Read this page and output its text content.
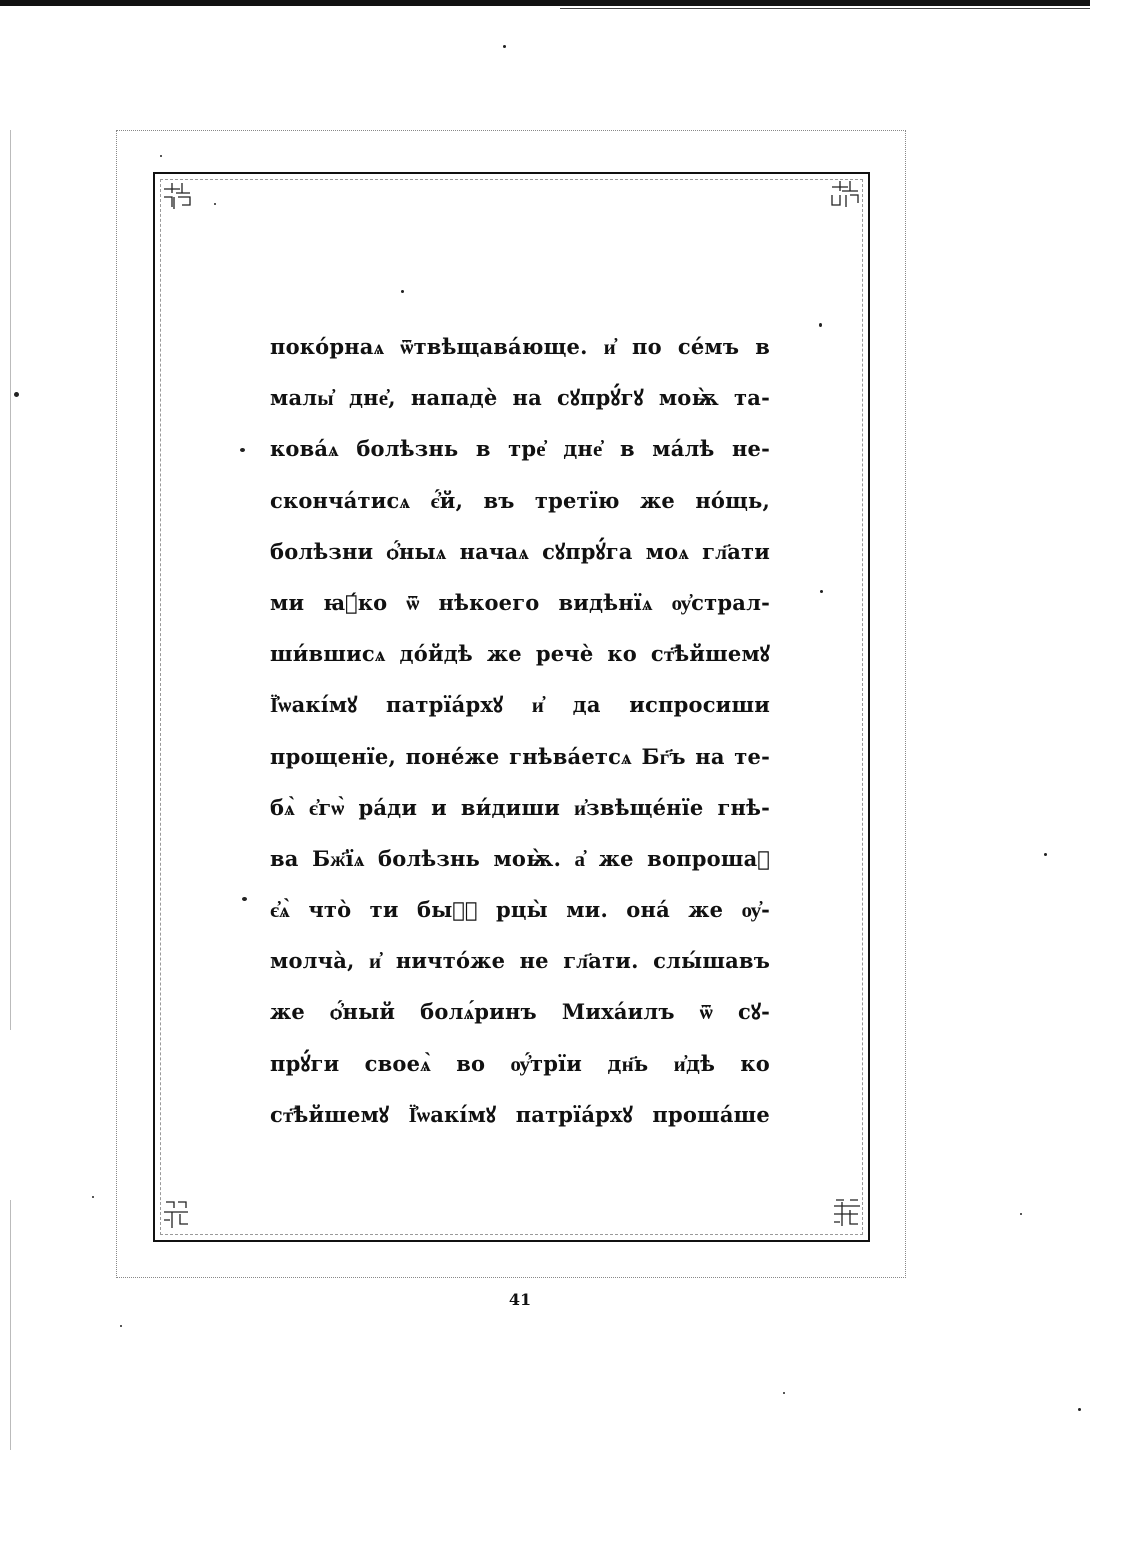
покóрнаѧ ѿтвѣщавáюще. и҆ по се́мъ в
малы҆ дне҆, нападѐ на сꙋпрꙋ́гꙋ моѭ̀ та-
ковáѧ болѣзнь в тре҆ дне҆ в мáлѣ не-
скончáтисѧ є҆́й, въ третїю же нóщь,
болѣзни ѻ҆́ныѧ начаѧ сꙋпрꙋ́га моѧ гл҃ати
ми ꙗ҆́ко ѿ нѣкоего видѣнїѧ ѹ҆страл-
ши́вшисѧ дóйдѣ же речѐ ко ст҃ѣйшемꙋ
Ї҆ѡакі́мꙋ патрїáрхꙋ и҆ да испросиши
прощенїе, понéже гнѣвáетсѧ Бг҃ъ на те-
бѧ̀ є҆гѡ̀ рáди и ви́диши и҆звѣщéнїе гнѣ-
ва Бж҃їѧ болѣзнь моѭ̀. а҆ же вопрошаⷭ
є҆ѧ̀ что̀ ти быⷭ҇ рцы̀ ми. онá же ѹ҆-
молчà, и҆ ничтóже не гл҃ати. слы́шавъ
же ѻ҆́ный болѧ́ринъ Миха́илъ ѿ сꙋ-
прꙋ́ги своеѧ̀ во ѹ҆́трїи дн҃ь и҆дѣ ко
ст҃ѣйшемꙋ Ї҆ѡакі́мꙋ патрїáрхꙋ прошáше
41
